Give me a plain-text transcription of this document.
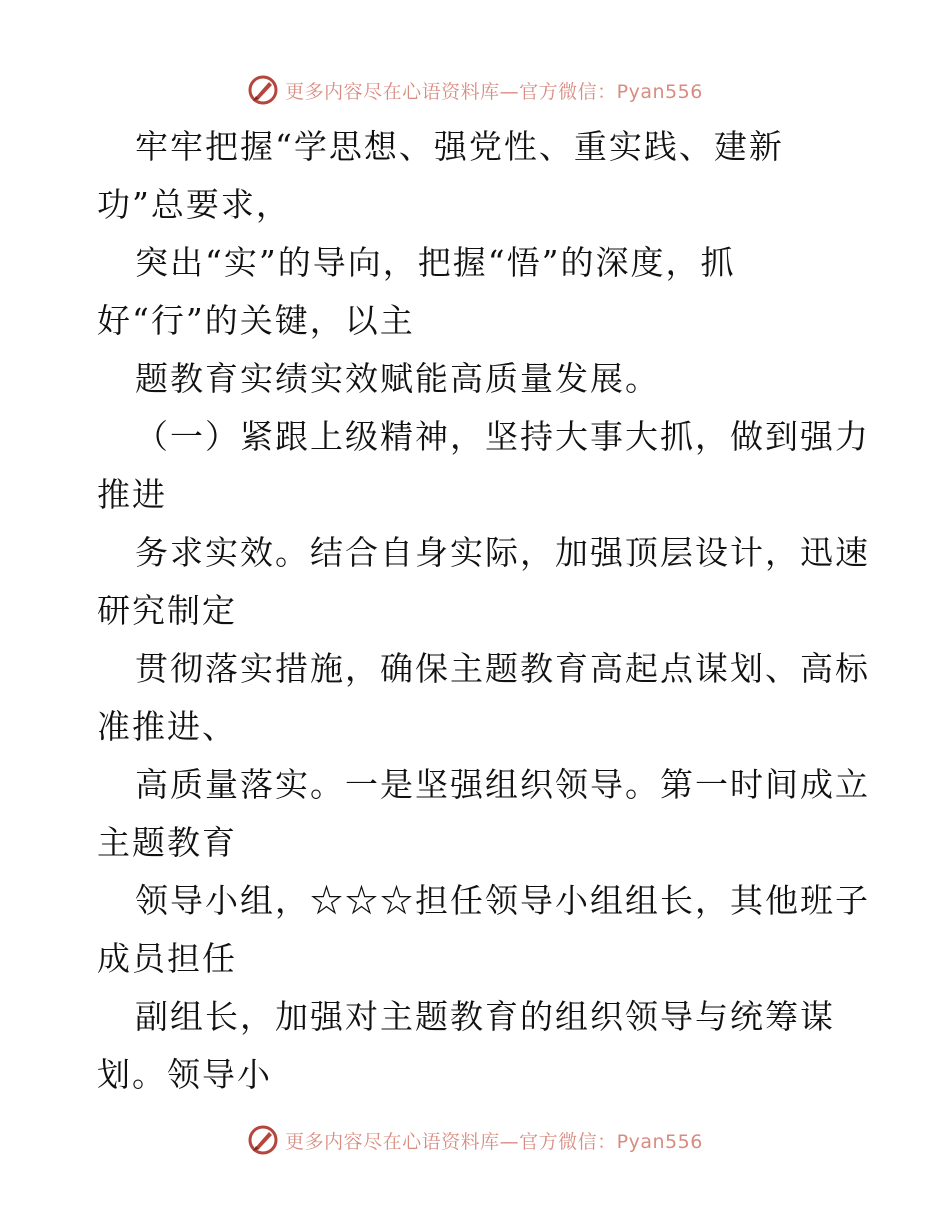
更多内容尽在心语资料库—官方微信：Pyan556
牢牢把握“学思想、强党性、重实践、建新
功”总要求，
突出“实”的导向，把握“悟”的深度，抓
好“行”的关键，以主
题教育实绩实效赋能高质量发展。
（一）紧跟上级精神，坚持大事大抓，做到强力
推进
务求实效。结合自身实际，加强顶层设计，迅速
研究制定
贯彻落实措施，确保主题教育高起点谋划、高标
准推进、
高质量落实。一是坚强组织领导。第一时间成立
主题教育
领导小组，☆☆☆担任领导小组组长，其他班子
成员担任
副组长，加强对主题教育的组织领导与统筹谋
划。领导小
更多内容尽在心语资料库—官方微信：Pyan556
